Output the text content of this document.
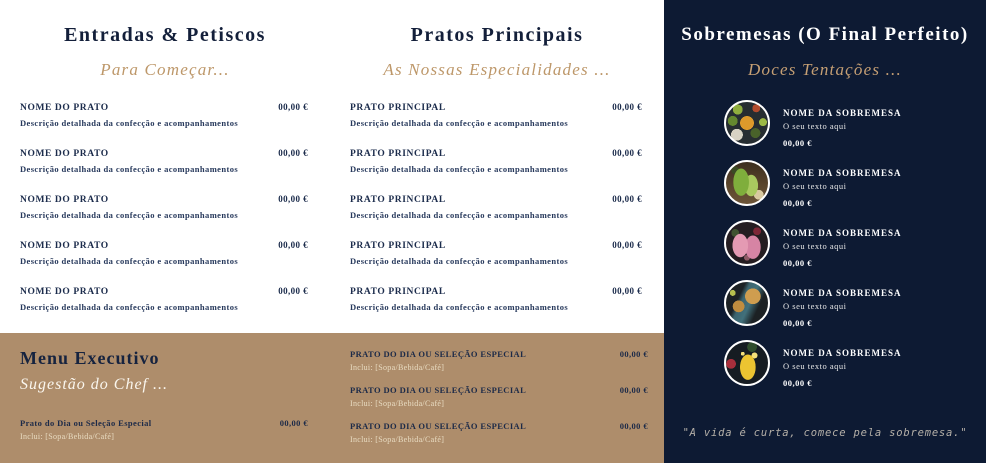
Entradas & Petiscos
Para Começar...
NOME DO PRATO	00,00 €
Descrição detalhada da confecção e acompanhamentos
NOME DO PRATO	00,00 €
Descrição detalhada da confecção e acompanhamentos
NOME DO PRATO	00,00 €
Descrição detalhada da confecção e acompanhamentos
NOME DO PRATO	00,00 €
Descrição detalhada da confecção e acompanhamentos
NOME DO PRATO	00,00 €
Descrição detalhada da confecção e acompanhamentos
Pratos Principais
As Nossas Especialidades ...
PRATO PRINCIPAL	00,00 €
Descrição detalhada da confecção e acompanhamentos
PRATO PRINCIPAL	00,00 €
Descrição detalhada da confecção e acompanhamentos
PRATO PRINCIPAL	00,00 €
Descrição detalhada da confecção e acompanhamentos
PRATO PRINCIPAL	00,00 €
Descrição detalhada da confecção e acompanhamentos
PRATO PRINCIPAL	00,00 €
Descrição detalhada da confecção e acompanhamentos
Menu Executivo
Sugestão do Chef ...
Prato do Dia ou Seleção Especial	00,00 €
Inclui: [Sopa/Bebida/Café]
PRATO DO DIA OU SELEÇÃO ESPECIAL	00,00 €
Inclui: [Sopa/Bebida/Café]
PRATO DO DIA OU SELEÇÃO ESPECIAL	00,00 €
Inclui: [Sopa/Bebida/Café]
PRATO DO DIA OU SELEÇÃO ESPECIAL	00,00 €
Inclui: [Sopa/Bebida/Café]
Sobremesas (O Final Perfeito)
Doces Tentações ...
NOME DA SOBREMESA
O seu texto aqui
00,00 €
NOME DA SOBREMESA
O seu texto aqui
00,00 €
NOME DA SOBREMESA
O seu texto aqui
00,00 €
NOME DA SOBREMESA
O seu texto aqui
00,00 €
NOME DA SOBREMESA
O seu texto aqui
00,00 €
"A vida é curta, comece pela sobremesa."
